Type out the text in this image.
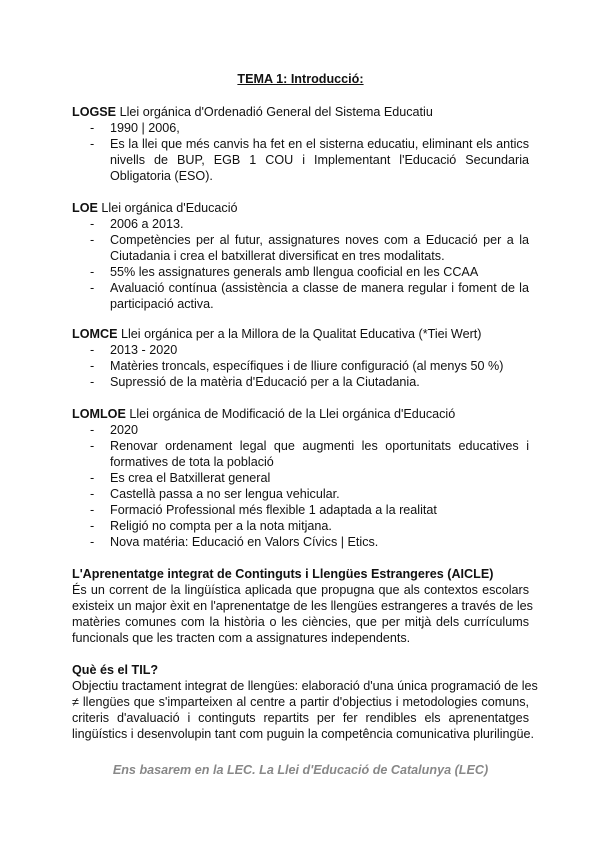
TEMA 1: Introducció:
LOGSE Llei orgánica d'Ordenadió General del Sistema Educatiu
- 1990 | 2006,
- Es la llei que més canvis ha fet en el sisterna educatiu, eliminant els antics nivells de BUP, EGB 1 COU i Implementant l'Educació Secundaria Obligatoria (ESO).
LOE Llei orgánica d'Educació
- 2006 a 2013.
- Competències per al futur, assignatures noves com a Educació per a la Ciutadania i crea el batxillerat diversificat en tres modalitats.
- 55% les assignatures generals amb llengua cooficial en les CCAA
- Avaluació contínua (assistència a classe de manera regular i foment de la participació activa.
LOMCE Llei orgánica per a la Millora de la Qualitat Educativa (*Tiei Wert)
- 2013 - 2020
- Matèries troncals, específiques i de lliure configuració (al menys 50 %)
- Supressió de la matèria d'Educació per a la Ciutadania.
LOMLOE Llei orgánica de Modificació de la Llei orgánica d'Educació
- 2020
- Renovar ordenament legal que augmenti les oportunitats educatives i formatives de tota la població
- Es crea el Batxillerat general
- Castellà passa a no ser lengua vehicular.
- Formació Professional més flexible 1 adaptada a la realitat
- Religió no compta per a la nota mitjana.
- Nova matéria: Educació en Valors Cívics | Etics.
L'Aprenentatge integrat de Continguts i Llengües Estrangeres (AICLE)
És un corrent de la lingüística aplicada que propugna que als contextos escolars
existeix un major èxit en l'aprenentatge de les llengües estrangeres a través de les
matèries comunes com la història o les ciències, que per mitjà dels currículums
funcionals que les tracten com a assignatures independents.
Què és el TIL?
Objectiu tractament integrat de llengües: elaboració d'una única programació de les
≠ llengües que s'imparteixen al centre a partir d'objectius i metodologies comuns,
criteris d'avaluació i continguts repartits per fer rendibles els aprenentatges
lingüístics i desenvolupin tant com puguin la competência comunicativa plurilingüe.
Ens basarem en la LEC. La Llei d'Educació de Catalunya (LEC)
